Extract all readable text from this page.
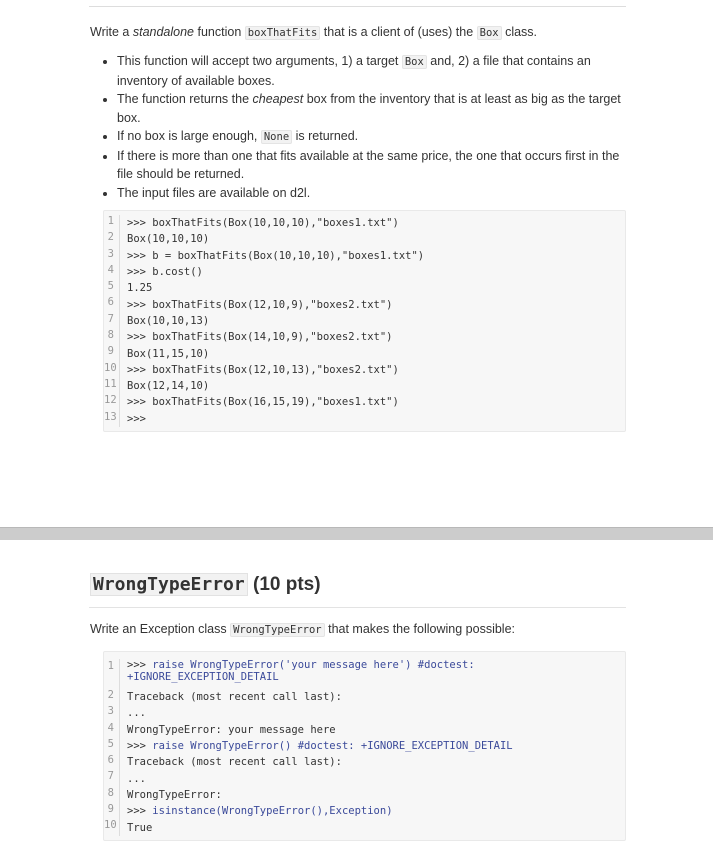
Write a standalone function boxThatFits that is a client of (uses) the Box class.
• This function will accept two arguments, 1) a target Box and, 2) a file that contains an inventory of available boxes.
• The function returns the cheapest box from the inventory that is at least as big as the target box.
• If no box is large enough, None is returned.
• If there is more than one that fits available at the same price, the one that occurs first in the file should be returned.
• The input files are available on d2l.
1	>>> boxThatFits(Box(10,10,10),"boxes1.txt")
2	Box(10,10,10)
3	>>> b = boxThatFits(Box(10,10,10),"boxes1.txt")
4	>>> b.cost()
5	1.25
6	>>> boxThatFits(Box(12,10,9),"boxes2.txt")
7	Box(10,10,13)
8	>>> boxThatFits(Box(14,10,9),"boxes2.txt")
9	Box(11,15,10)
10 >>> boxThatFits(Box(12,10,13),"boxes2.txt")
11 Box(12,14,10)
12 >>> boxThatFits(Box(16,15,19),"boxes1.txt")
13 >>>
WrongTypeError (10 pts)
Write an Exception class WrongTypeError that makes the following possible:
1	>>> raise WrongTypeError('your message here') #doctest: +IGNORE_EXCEPTION_DETAIL
2	Traceback (most recent call last):
3	...
4	WrongTypeError: your message here
5	>>> raise WrongTypeError() #doctest: +IGNORE_EXCEPTION_DETAIL
6	Traceback (most recent call last):
7	...
8	WrongTypeError:
9	>>> isinstance(WrongTypeError(),Exception)
10 True
